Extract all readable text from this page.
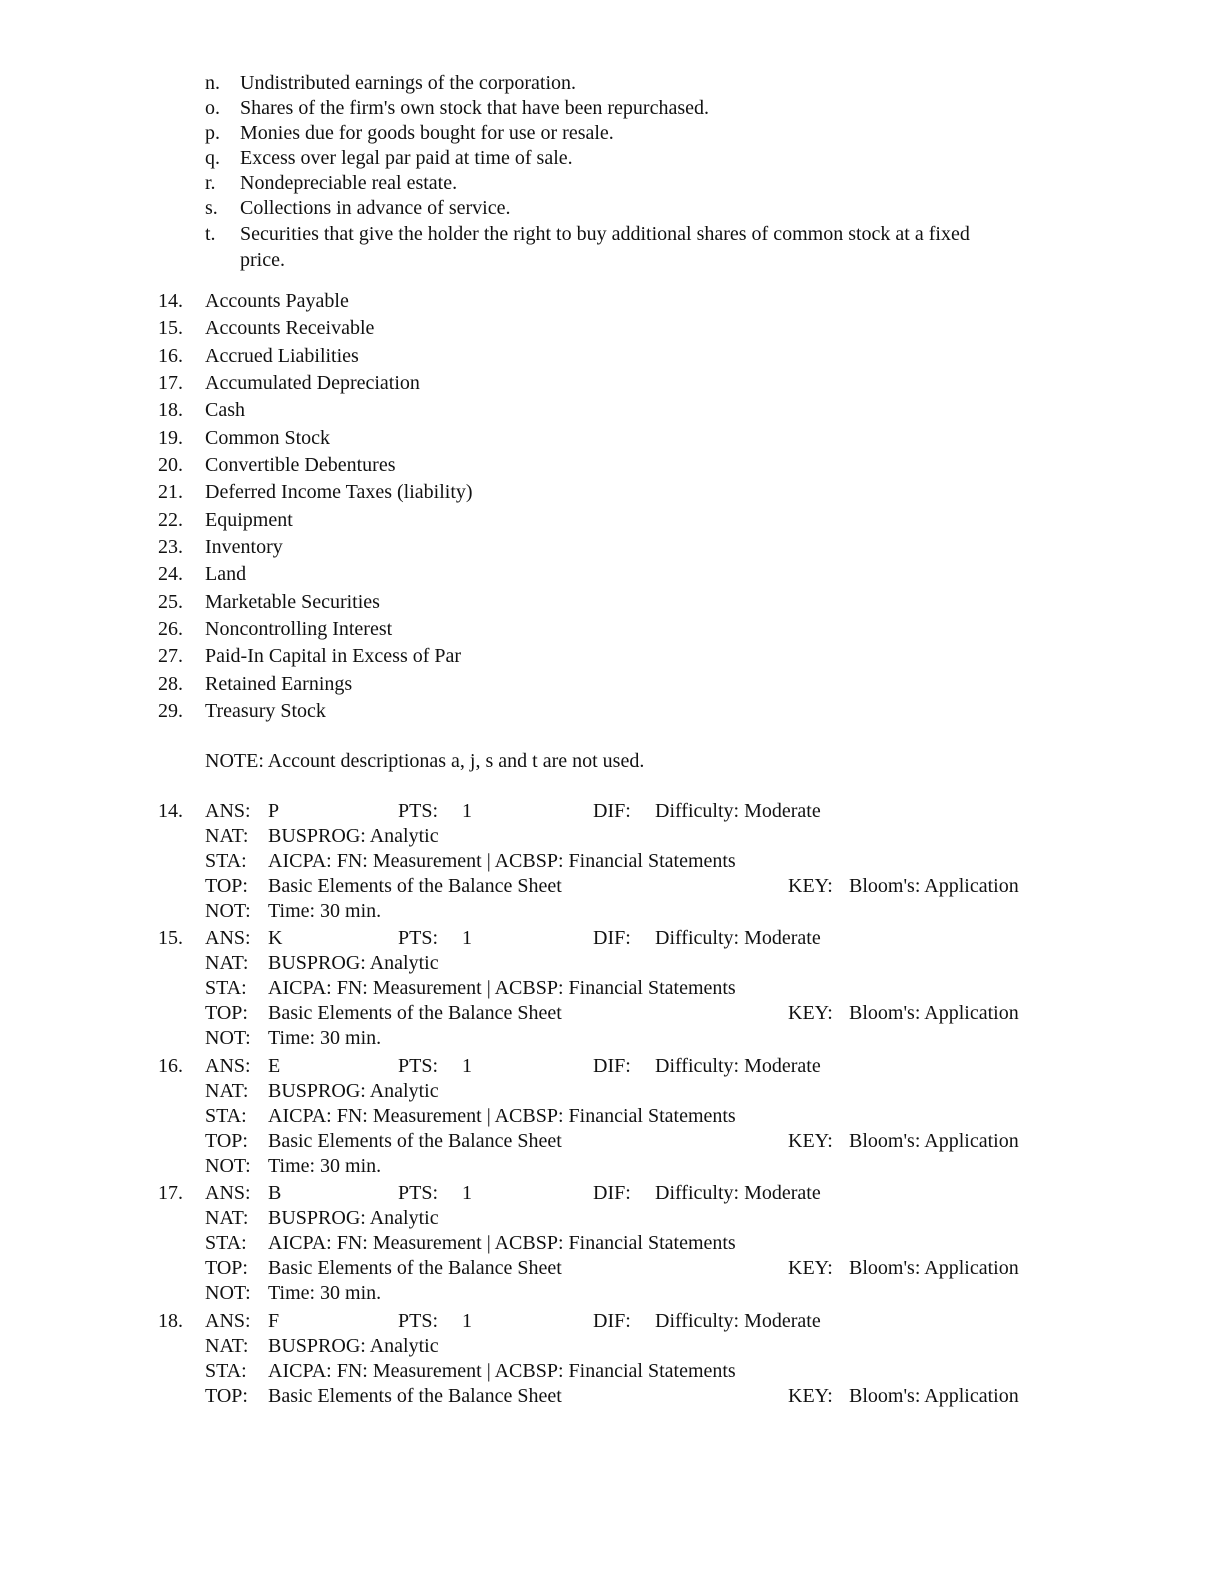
n.	Undistributed earnings of the corporation.
o.	Shares of the firm's own stock that have been repurchased.
p.	Monies due for goods bought for use or resale.
q.	Excess over legal par paid at time of sale.
r.	Nondepreciable real estate.
s.	Collections in advance of service.
t.	Securities that give the holder the right to buy additional shares of common stock at a fixed price.
14.	Accounts Payable
15.	Accounts Receivable
16.	Accrued Liabilities
17.	Accumulated Depreciation
18.	Cash
19.	Common Stock
20.	Convertible Debentures
21.	Deferred Income Taxes (liability)
22.	Equipment
23.	Inventory
24.	Land
25.	Marketable Securities
26.	Noncontrolling Interest
27.	Paid-In Capital in Excess of Par
28.	Retained Earnings
29.	Treasury Stock
NOTE: Account descriptionas a, j, s and t are not used.
14.	ANS: P	PTS: 1	DIF: Difficulty: Moderate
NAT: BUSPROG: Analytic
STA: AICPA: FN: Measurement | ACBSP: Financial Statements
TOP: Basic Elements of the Balance Sheet	KEY: Bloom's: Application
NOT: Time: 30 min.
15.	ANS: K	PTS: 1	DIF: Difficulty: Moderate
NAT: BUSPROG: Analytic
STA: AICPA: FN: Measurement | ACBSP: Financial Statements
TOP: Basic Elements of the Balance Sheet	KEY: Bloom's: Application
NOT: Time: 30 min.
16.	ANS: E	PTS: 1	DIF: Difficulty: Moderate
NAT: BUSPROG: Analytic
STA: AICPA: FN: Measurement | ACBSP: Financial Statements
TOP: Basic Elements of the Balance Sheet	KEY: Bloom's: Application
NOT: Time: 30 min.
17.	ANS: B	PTS: 1	DIF: Difficulty: Moderate
NAT: BUSPROG: Analytic
STA: AICPA: FN: Measurement | ACBSP: Financial Statements
TOP: Basic Elements of the Balance Sheet	KEY: Bloom's: Application
NOT: Time: 30 min.
18.	ANS: F	PTS: 1	DIF: Difficulty: Moderate
NAT: BUSPROG: Analytic
STA: AICPA: FN: Measurement | ACBSP: Financial Statements
TOP: Basic Elements of the Balance Sheet	KEY: Bloom's: Application
